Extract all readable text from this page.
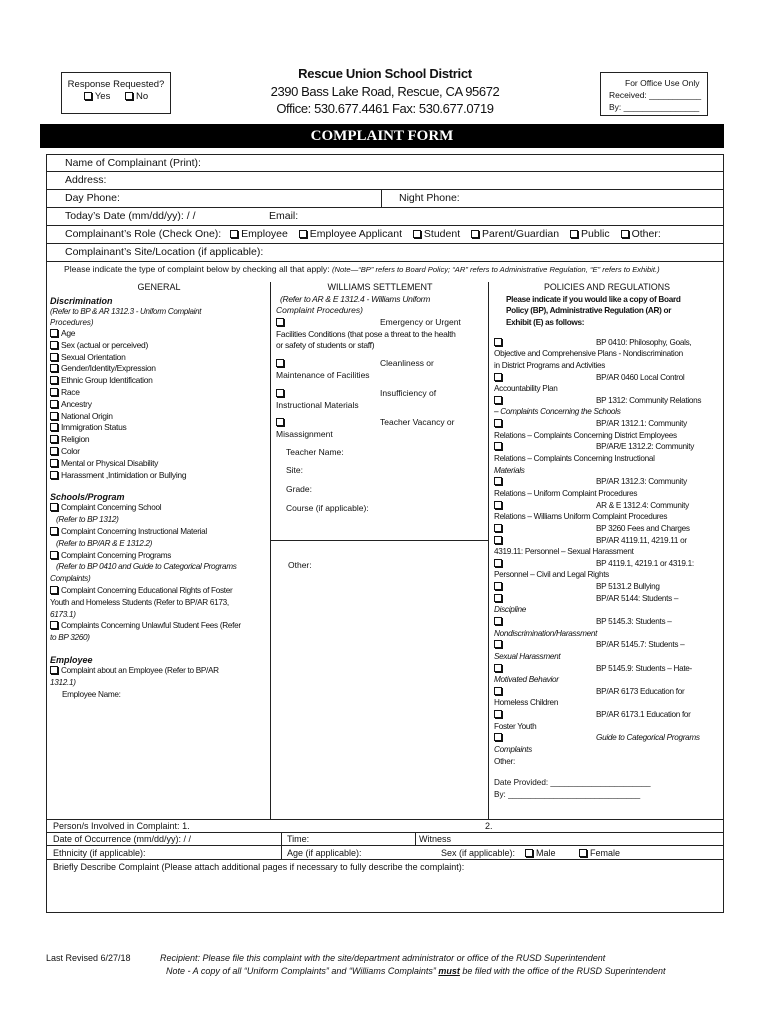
Response Requested?
Yes	No
Rescue Union School District
2390 Bass Lake Road, Rescue, CA 95672
Office: 530.677.4461 Fax: 530.677.0719
For Office Use Only
Received: ___________
By: ________________
COMPLAINT FORM
Name of Complainant (Print):
Address:
Day Phone:	Night Phone:
Today’s Date (mm/dd/yy): / /	Email:
Complainant’s Role (Check One): Employee Employee Applicant Student Parent/Guardian Public Other:
Complainant’s Site/Location (if applicable):
Please indicate the type of complaint below by checking all that apply: (Note—“BP” refers to Board Policy; “AR” refers to Administrative Regulation, “E” refers to Exhibit.)
GENERAL
Discrimination
(Refer to BP & AR 1312.3 - Uniform Complaint
Procedures)
Age
Sex (actual or perceived)
Sexual Orientation
Gender/Identity/Expression
Ethnic Group Identification
Race
Ancestry
National Origin
Immigration Status
Religion
Color
Mental or Physical Disability
Harassment ,Intimidation or Bullying
Schools/Program
Complaint Concerning School
(Refer to BP 1312)
Complaint Concerning Instructional Material
(Refer to BP/AR & E 1312.2)
Complaint Concerning Programs
(Refer to BP 0410 and Guide to Categorical Programs
Complaints)
Complaint Concerning Educational Rights of Foster
Youth and Homeless Students (Refer to BP/AR 6173,
6173.1)
Complaints Concerning Unlawful Student Fees (Refer
to BP 3260)
Employee
Complaint about an Employee (Refer to BP/AR
1312.1)
Employee Name:
WILLIAMS SETTLEMENT
(Refer to AR & E 1312.4 - Williams Uniform
Complaint Procedures)
Emergency or Urgent
Facilities Conditions (that pose a threat to the health
or safety of students or staff)
Cleanliness or
Maintenance of Facilities
Insufficiency of
Instructional Materials
Teacher Vacancy or
Misassignment
Teacher Name:
Site:
Grade:
Course (if applicable):
Other:
POLICIES AND REGULATIONS
Please indicate if you would like a copy of Board
Policy (BP), Administrative Regulation (AR) or
Exhibit (E) as follows:
BP 0410: Philosophy, Goals,
Objective and Comprehensive Plans - Nondiscrimination
in District Programs and Activities
BP/AR 0460 Local Control
Accountability Plan
BP 1312: Community Relations
– Complaints Concerning the Schools
BP/AR 1312.1: Community
Relations – Complaints Concerning District Employees
BP/AR/E 1312.2: Community
Relations – Complaints Concerning Instructional
Materials
BP/AR 1312.3: Community
Relations – Uniform Complaint Procedures
AR & E 1312.4: Community
Relations – Williams Uniform Complaint Procedures
BP 3260 Fees and Charges
BP/AR 4119.11, 4219.11 or
4319.11: Personnel – Sexual Harassment
BP 4119.1, 4219.1 or 4319.1:
Personnel – Civil and Legal Rights
BP 5131.2 Bullying
BP/AR 5144: Students –
Discipline
BP 5145.3: Students –
Nondiscrimination/Harassment
BP/AR 5145.7: Students –
Sexual Harassment
BP 5145.9: Students – Hate-
Motivated Behavior
BP/AR 6173 Education for
Homeless Children
BP/AR 6173.1 Education for
Foster Youth
Guide to Categorical Programs
Complaints
Other:
Date Provided: ______________________
By: _____________________________
Person/s Involved in Complaint: 1.	2.
Date of Occurrence (mm/dd/yy): / /	Time:	Witness
Ethnicity (if applicable):	Age (if applicable):	Sex (if applicable):	Male	Female
Briefly Describe Complaint (Please attach additional pages if necessary to fully describe the complaint):
Last Revised 6/27/18	Recipient: Please file this complaint with the site/department administrator or office of the RUSD Superintendent
Note - A copy of all “Uniform Complaints” and “Williams Complaints” must be filed with the office of the RUSD Superintendent
